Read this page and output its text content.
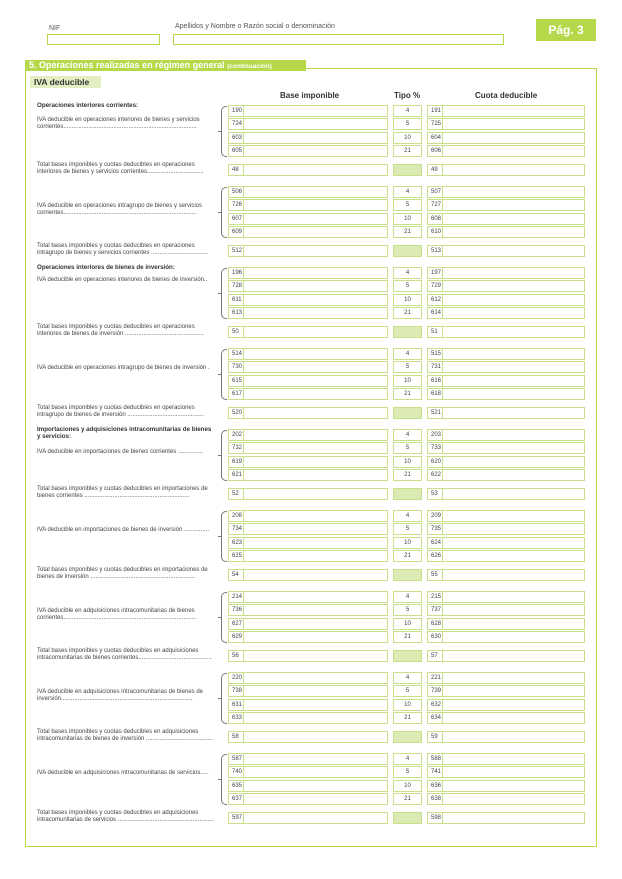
NIF	Apellidos y Nombre o Razón social o denominación	Pág. 3
5. Operaciones realizadas en régimen general (continuación)
IVA deducible
Base imponible	Tipo %	Cuota deducible
190	4	191
724	5	725
603	10	604
605	21	606
Operaciones interiores corrientes:
IVA deducible en operaciones interiores de bienes y servicios corrientes................................................................................
Total bases imponibles y cuotas deducibles en operaciones interiores de bienes y servicios corrientes..................................	48	49
506	4	507
726	5	727
607	10	608
609	21	610
IVA deducible en operaciones intragrupo de bienes y servicios corrientes................................................................................
Total bases imponibles y cuotas deducibles en operaciones intragrupo de bienes y servicios corrientes ..................................	512	513
196	4	197
728	5	729
611	10	612
613	21	614
Operaciones interiores de bienes de inversión:
IVA deducible en operaciones interiores de bienes de inversión..
Total bases imponibles y cuotas deducibles en operaciones interiores de bienes de inversión ...............................................	50	51
514	4	515
730	5	731
615	10	616
617	21	618
IVA deducible en operaciones intragrupo de bienes de inversión .
Total bases imponibles y cuotas deducibles en operaciones intragrupo de bienes de inversión ..............................................	520	521
202	4	203
732	5	733
619	10	620
621	21	622
Importaciones y adquisiciones intracomunitarias de bienes y servicios:
IVA deducible en importaciones de bienes corrientes ...............
Total bases imponibles y cuotas deducibles en importaciones de bienes corrientes ...............................................................	52	53
208	4	209
734	5	735
623	10	624
625	21	626
IVA deducible en importaciones de bienes de inversión ...............
Total bases imponibles y cuotas deducibles en importaciones de bienes de inversión ...............................................................	54	55
214	4	215
736	5	737
627	10	628
629	21	630
IVA deducible en adquisiciones intracomunitarias de bienes corrientes................................................................................
Total bases imponibles y cuotas deducibles en adquisiciones intracomunitarias de bienes corrientes............................................	56	57
220	4	221
738	5	739
631	10	632
633	21	634
IVA deducible en adquisiciones intracomunitarias de bienes de inversión...............................................................................
Total bases imponibles y cuotas deducibles en adquisiciones intracomunitarias de bienes de inversión ........................................	58	59
587	4	588
740	5	741
635	10	636
637	21	638
IVA deducible en adquisiciones intracomunitarias de servicios.....
Total bases imponibles y cuotas deducibles en adquisiciones intracomunitarias de servicios ..........................................................	597	598
